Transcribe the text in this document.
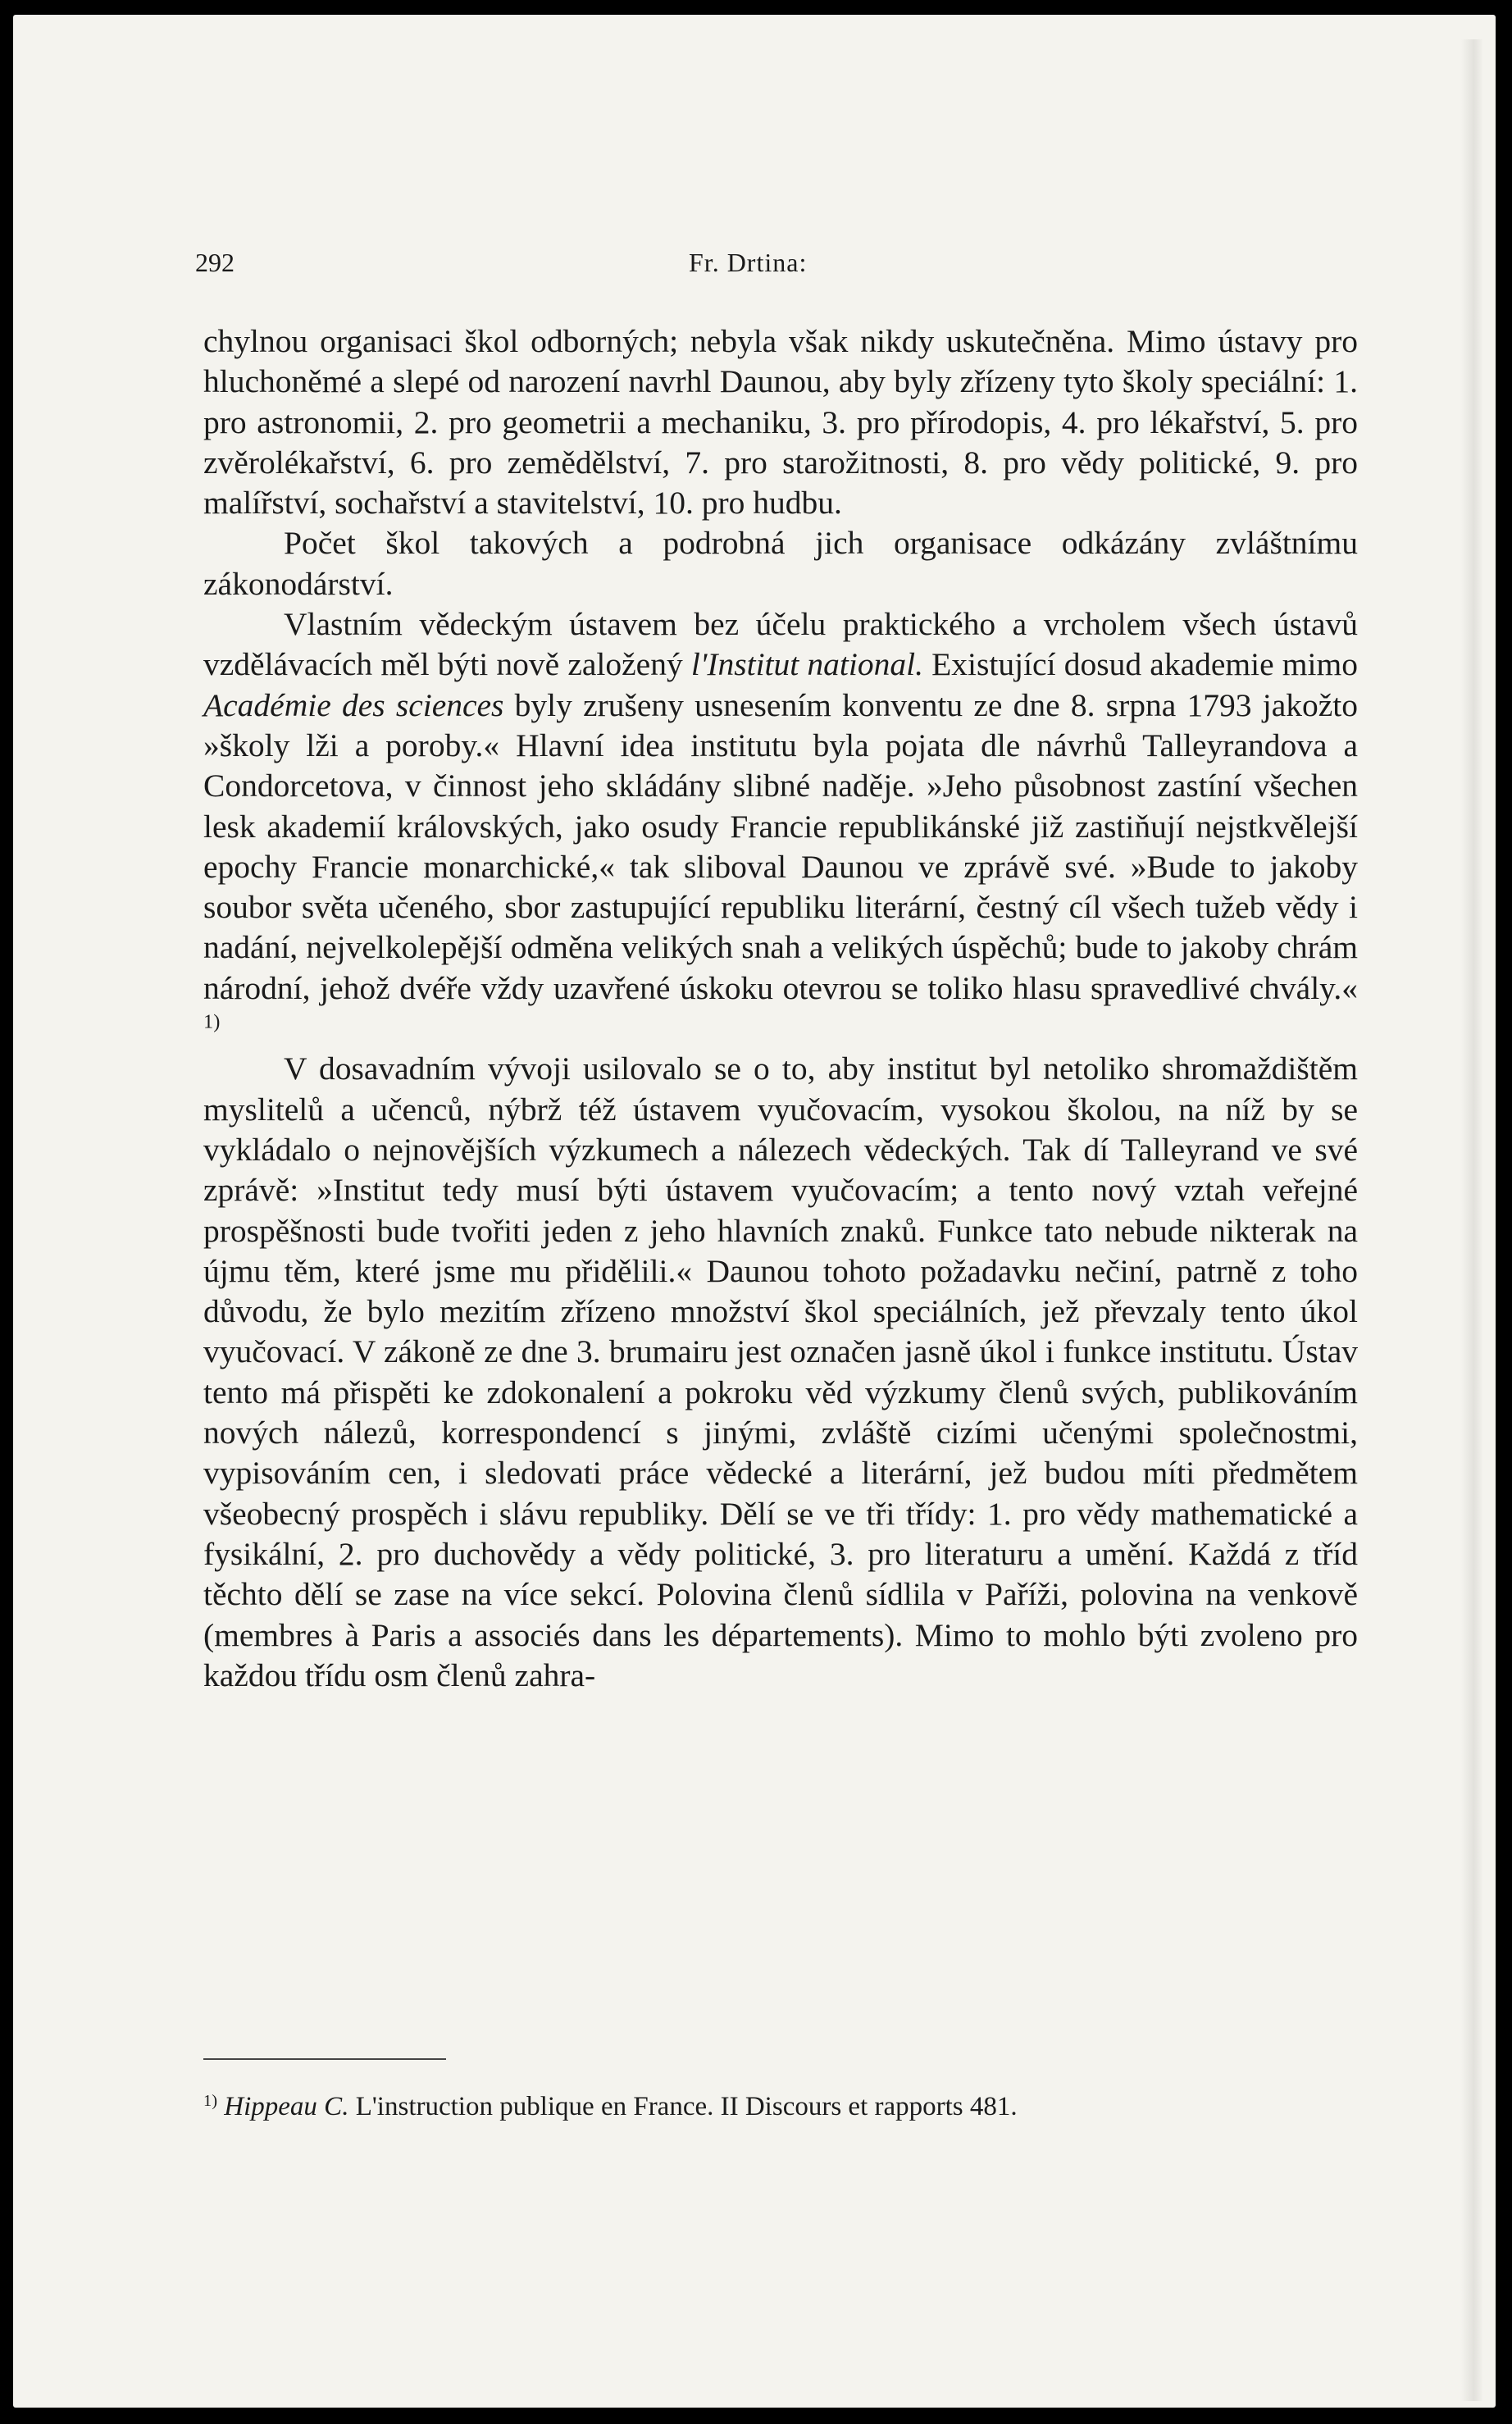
292	Fr. Drtina:

chylnou organisaci škol odborných; nebyla však nikdy uskutečněna. Mimo ústavy pro hluchoněmé a slepé od narození navrhl Daunou, aby byly zřízeny tyto školy speciální: 1. pro astronomii, 2. pro geometrii a mechaniku, 3. pro přírodopis, 4. pro lékařství, 5. pro zvěrolékařství, 6. pro zemědělství, 7. pro starožitnosti, 8. pro vědy politické, 9. pro malířství, sochařství a stavitelství, 10. pro hudbu.

Počet škol takových a podrobná jich organisace odkázány zvláštnímu zákonodárství.

Vlastním vědeckým ústavem bez účelu praktického a vrcholem všech ústavů vzdělávacích měl býti nově založený l'Institut national. Existující dosud akademie mimo Académie des sciences byly zrušeny usnesením konventu ze dne 8. srpna 1793 jakožto »školy lži a poroby.« Hlavní idea institutu byla pojata dle návrhů Talleyrandova a Condorcetova, v činnost jeho skládány slibné naděje. »Jeho působnost zastíní všechen lesk akademií královských, jako osudy Francie republikánské již zastiňují nejstkvělejší epochy Francie monarchické,« tak sliboval Daunou ve zprávě své. »Bude to jakoby soubor světa učeného, sbor zastupující republiku literární, čestný cíl všech tužeb vědy i nadání, nejvelkolepější odměna velikých snah a velikých úspěchů; bude to jakoby chrám národní, jehož dvéře vždy uzavřené úskoku otevrou se toliko hlasu spravedlivé chvály.« $^{1)}$

V dosavadním vývoji usilovalo se o to, aby institut byl netoliko shromaždištěm myslitelů a učenců, nýbrž též ústavem vyučovacím, vysokou školou, na níž by se vykládalo o nejnovějších výzkumech a nálezech vědeckých. Tak dí Talleyrand ve své zprávě: »Institut tedy musí býti ústavem vyučovacím; a tento nový vztah veřejné prospěšnosti bude tvořiti jeden z jeho hlavních znaků. Funkce tato nebude nikterak na újmu těm, které jsme mu přidělili.« Daunou tohoto požadavku nečiní, patrně z toho důvodu, že bylo mezitím zřízeno množství škol speciálních, jež převzaly tento úkol vyučovací. V zákoně ze dne 3. brumairu jest označen jasně úkol i funkce institutu. Ústav tento má přispěti ke zdokonalení a pokroku věd výzkumy členů svých, publikováním nových nálezů, korrespondencí s jinými, zvláště cizími učenými společnostmi, vypisováním cen, i sledovati práce vědecké a literární, jež budou míti předmětem všeobecný prospěch i slávu republiky. Dělí se ve tři třídy: 1. pro vědy mathematické a fysikální, 2. pro duchovědy a vědy politické, 3. pro literaturu a umění. Každá z tříd těchto dělí se zase na více sekcí. Polovina členů sídlila v Paříži, polovina na venkově (membres à Paris a associés dans les départements). Mimo to mohlo býti zvoleno pro každou třídu osm členů zahra-

$^{1)}$ Hippeau C. L'instruction publique en France. II Discours et rapports 481.
